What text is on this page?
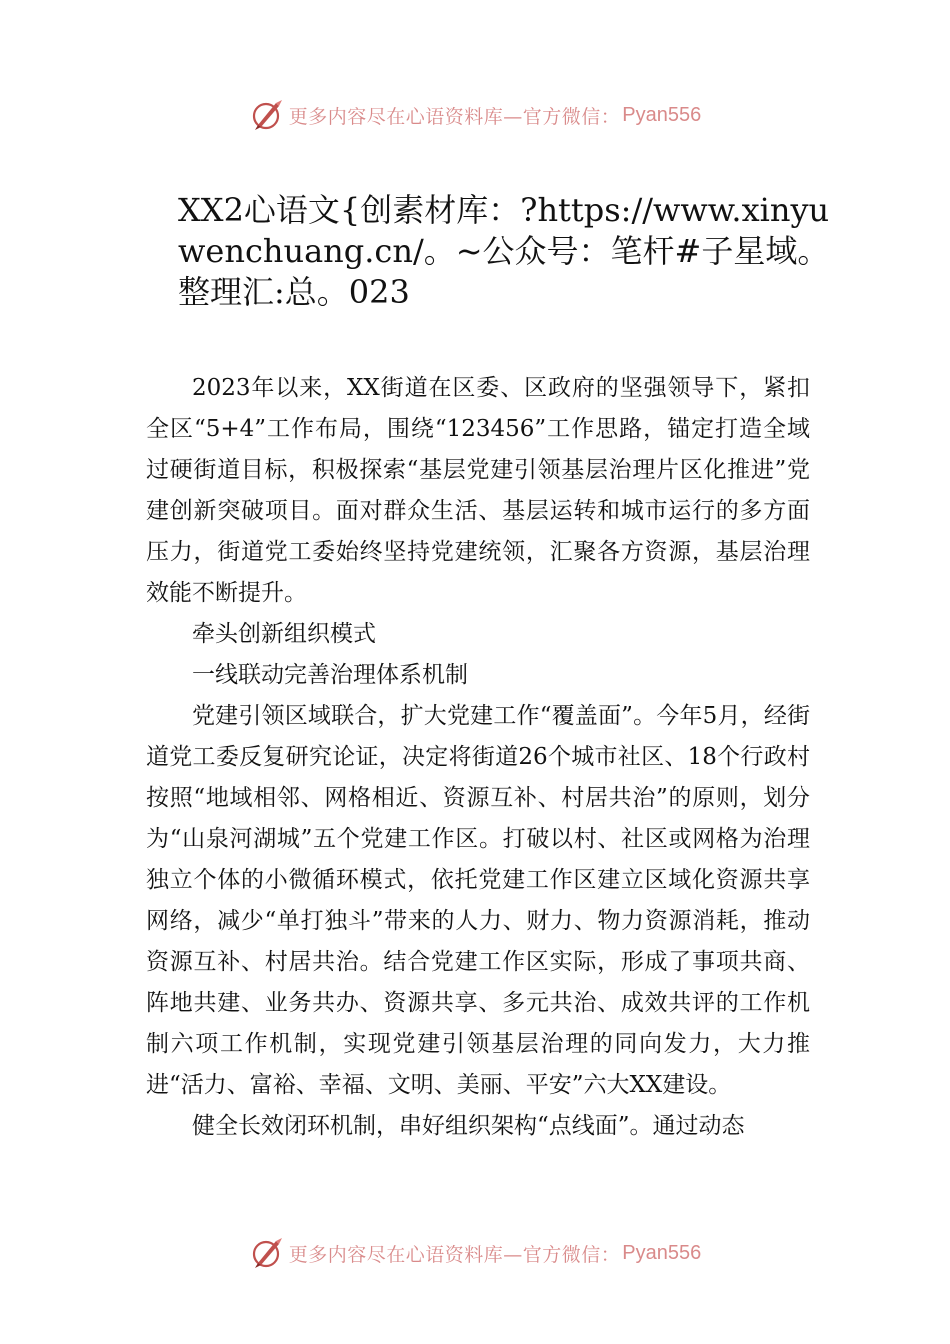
更多内容尽在心语资料库—官方微信： Pyan556
XX2心语文{创素材库：?https://www.xinyuwenchuang.cn/。~公众号：笔杆#子星域。整理汇:总。023

2023年以来，XX街道在区委、区政府的坚强领导下，紧扣全区“5+4”工作布局，围绕“123456”工作思路，锚定打造全域过硬街道目标，积极探索“基层党建引领基层治理片区化推进”党建创新突破项目。面对群众生活、基层运转和城市运行的多方面压力，街道党工委始终坚持党建统领，汇聚各方资源，基层治理效能不断提升。

牵头创新组织模式

一线联动完善治理体系机制

党建引领区域联合，扩大党建工作“覆盖面”。今年5月，经街道党工委反复研究论证，决定将街道26个城市社区、18个行政村按照“地域相邻、网格相近、资源互补、村居共治”的原则，划分为“山泉河湖城”五个党建工作区。打破以村、社区或网格为治理独立个体的小微循环模式，依托党建工作区建立区域化资源共享网络，减少“单打独斗”带来的人力、财力、物力资源消耗，推动资源互补、村居共治。结合党建工作区实际，形成了事项共商、阵地共建、业务共办、资源共享、多元共治、成效共评的工作机制六项工作机制，实现党建引领基层治理的同向发力，大力推进“活力、富裕、幸福、文明、美丽、平安”六大XX建设。

健全长效闭环机制，串好组织架构“点线面”。通过动态

更多内容尽在心语资料库—官方微信： Pyan556
